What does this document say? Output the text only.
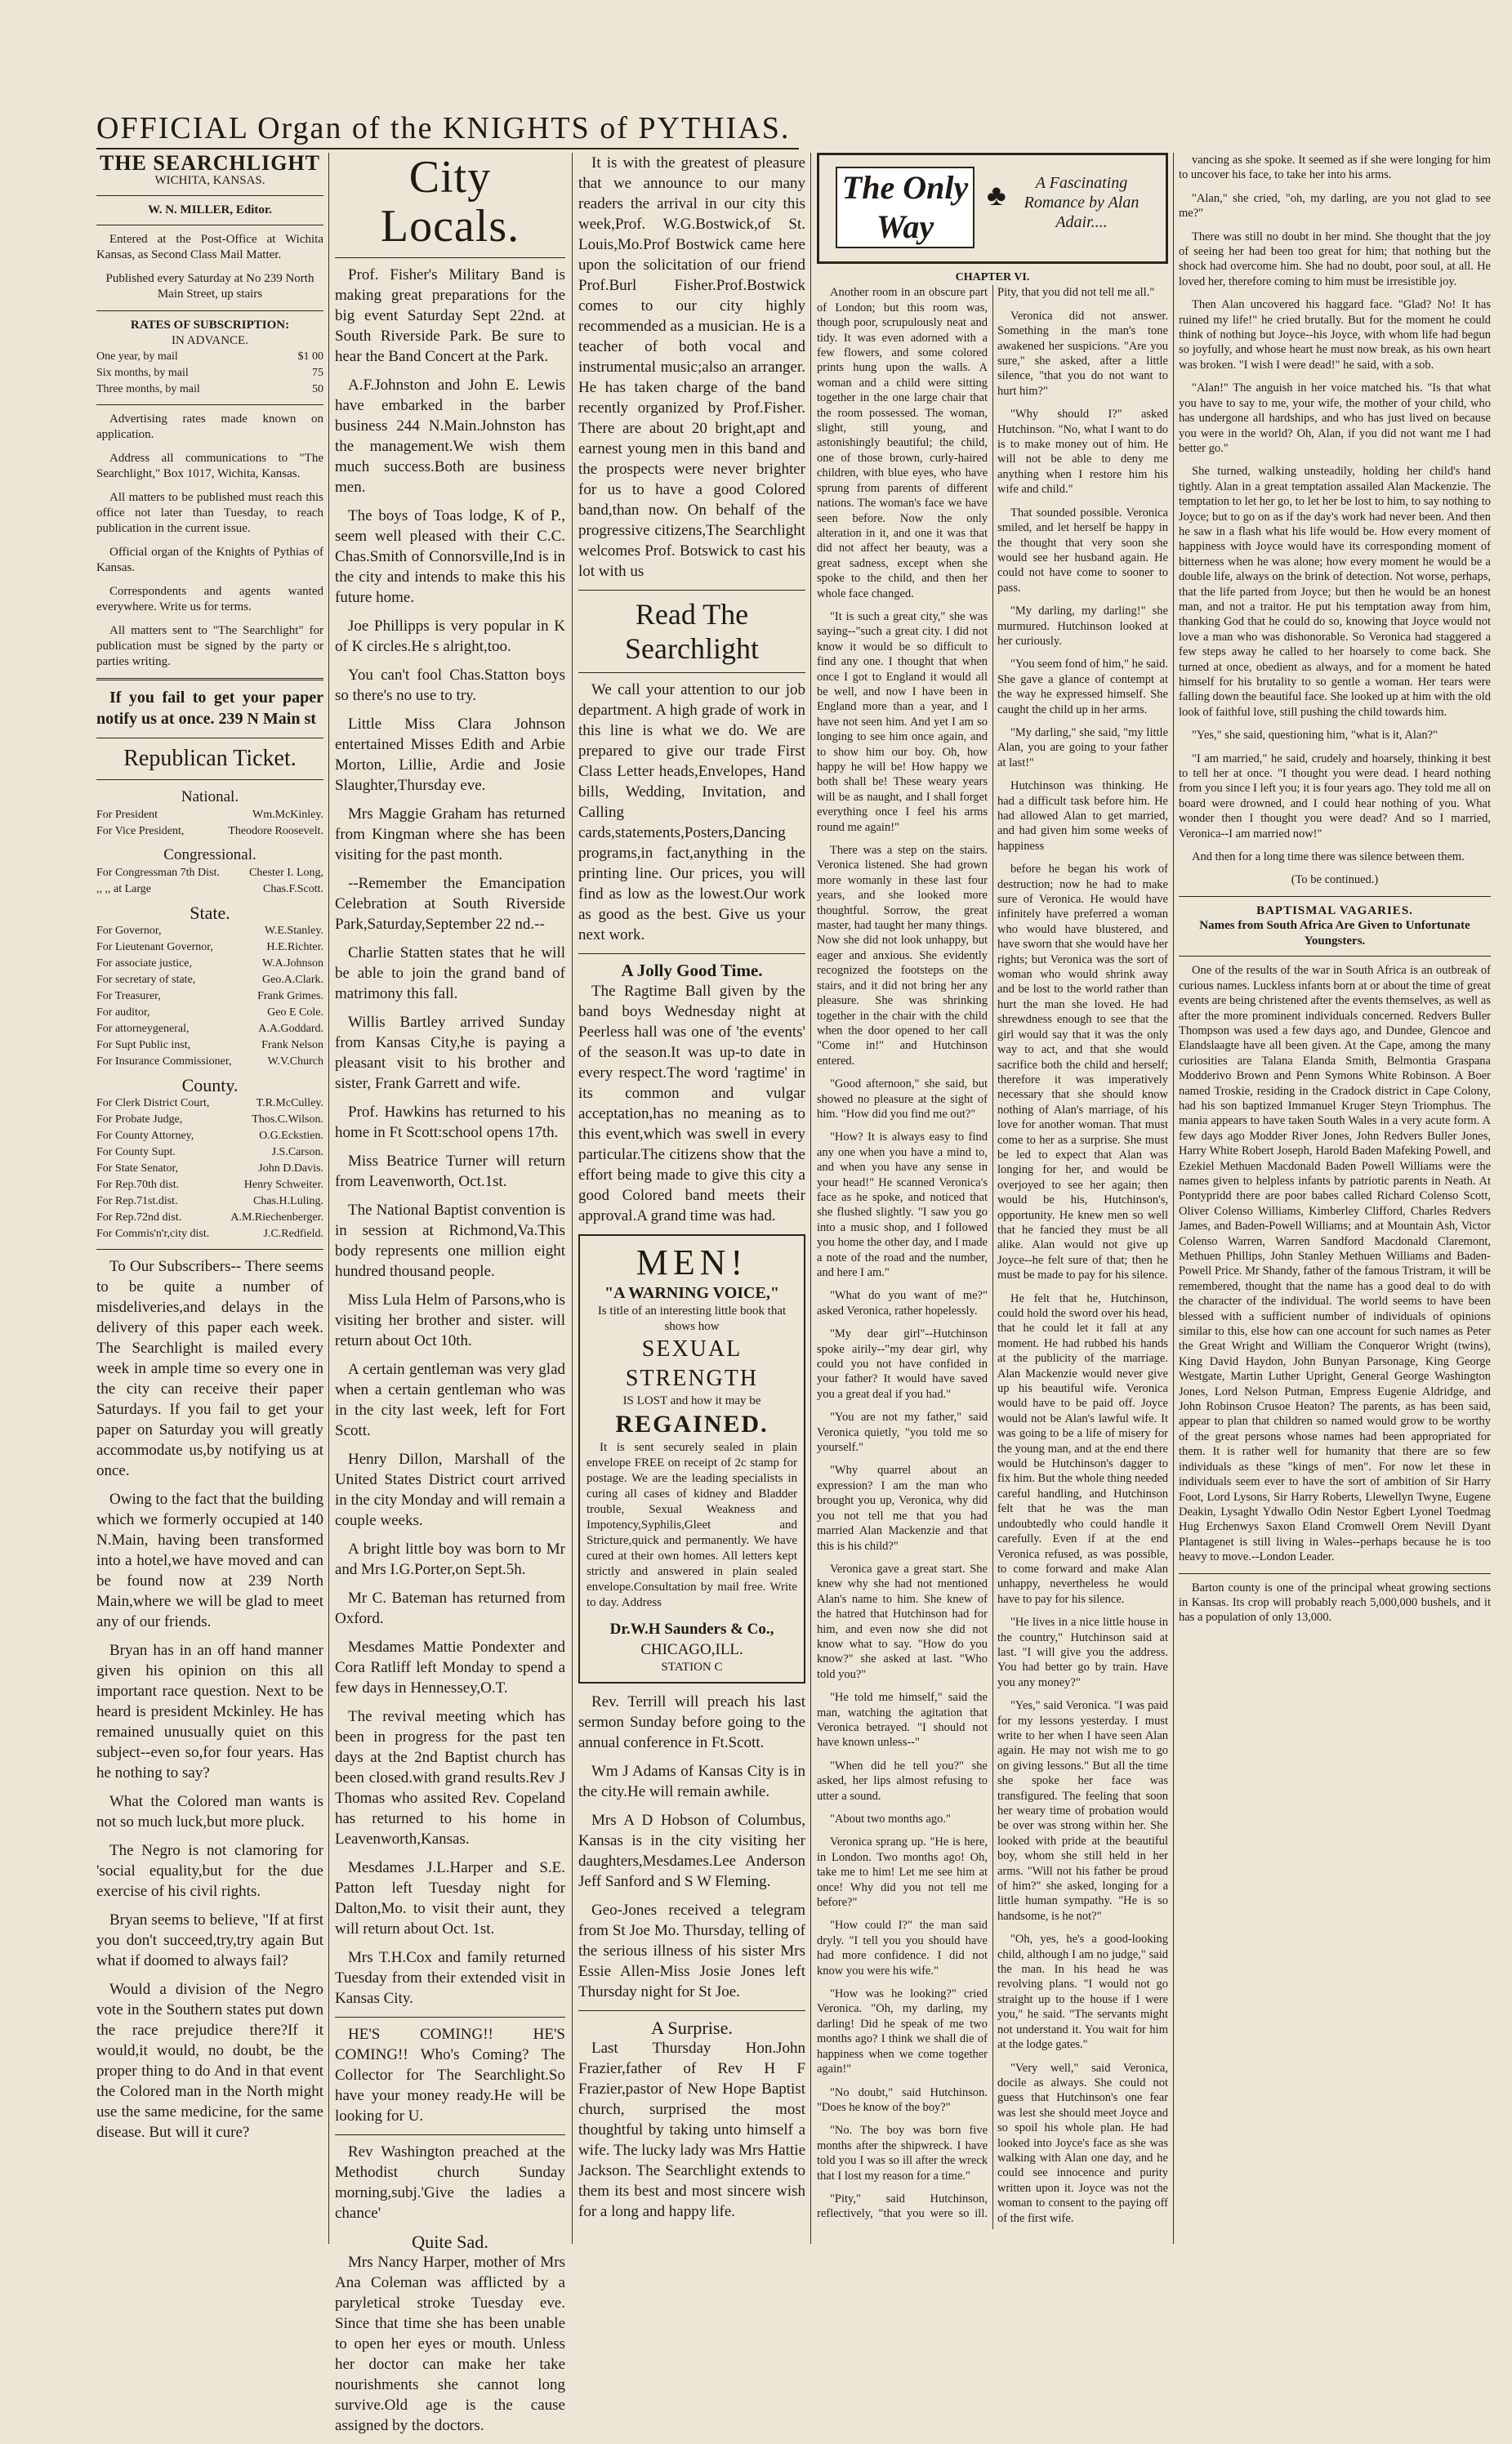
OFFICIAL Organ of the KNIGHTS of PYTHIAS.
THE SEARCHLIGHT
WICHITA, KANSAS.
W. N. MILLER, Editor.

Entered at the Post-Office at Wichita Kansas, as Second Class Mail Matter.

Published every Saturday at No 239 North Main Street, up stairs

RATES OF SUBSCRIPTION:
IN ADVANCE.
One year, by mail	$1 00
Six months, by mail	75
Three months, by mail	50

Advertising rates made known on application.

Address all communications to "The Searchlight," Box 1017, Wichita, Kansas.

All matters to be published must reach this office not later than Tuesday, to reach publication in the current issue.

Official organ of the Knights of Pythias of Kansas.

Correspondents and agents wanted everywhere. Write us for terms.

All matters sent to "The Searchlight" for publication must be signed by the party or parties writing.

If you fail to get your paper notify us at once. 239 N Main st

Republican Ticket.
National.
For President	Wm.McKinley.
For Vice President,	Theodore Roosevelt.
Congressional.
For Congressman 7th Dist.	Chester I. Long,
,, ,, at Large	Chas.F.Scott.
State.
For Governor,	W.E.Stanley.
For Lieutenant Governor,	H.E.Richter.
For associate justice,	W.A.Johnson
For secretary of state,	Geo.A.Clark.
For Treasurer,	Frank Grimes.
For auditor,	Geo E Cole.
For attorneygeneral,	A.A.Goddard.
For Supt Public inst,	Frank Nelson
For Insurance Commissioner,	W.V.Church
County.
For Clerk District Court,	T.R.McCulley.
For Probate Judge,	Thos.C.Wilson.
For County Attorney,	O.G.Eckstien.
For County Supt.	J.S.Carson.
For State Senator,	John D.Davis.
For Rep.70th dist.	Henry Schweiter.
For Rep.71st.dist.	Chas.H.Luling.
For Rep.72nd dist.	A.M.Riechenberger.
For Commis'n'r,city dist.	J.C.Redfield.

To Our Subscribers-- There seems to be quite a number of misdeliveries,and delays in the delivery of this paper each week. The Searchlight is mailed every week in ample time so every one in the city can receive their paper Saturdays. If you fail to get your paper on Saturday you will greatly accommodate us,by notifying us at once.

Owing to the fact that the building which we formerly occupied at 140 N.Main, having been transformed into a hotel,we have moved and can be found now at 239 North Main,where we will be glad to meet any of our friends.

Bryan has in an off hand manner given his opinion on this all important race question. Next to be heard is president Mckinley. He has remained unusually quiet on this subject--even so,for four years. Has he nothing to say?

What the Colored man wants is not so much luck,but more pluck.

The Negro is not clamoring for 'social equality,but for the due exercise of his civil rights.

Bryan seems to believe, "If at first you don't succeed,try,try again But what if doomed to always fail?

Would a division of the Negro vote in the Southern states put down the race prejudice there?If it would,it would, no doubt, be the proper thing to do And in that event the Colored man in the North might use the same medicine, for the same disease. But will it cure?

City Locals.

Prof. Fisher's Military Band is making great preparations for the big event Saturday Sept 22nd. at South Riverside Park. Be sure to hear the Band Concert at the Park.

A.F.Johnston and John E. Lewis have embarked in the barber business 244 N.Main.Johnston has the management.We wish them much success.Both are business men.

The boys of Toas lodge, K of P., seem well pleased with their C.C. Chas.Smith of Connorsville,Ind is in the city and intends to make this his future home.

Joe Phillipps is very popular in K of K circles.He s alright,too.

You can't fool Chas.Statton boys so there's no use to try.

Little Miss Clara Johnson entertained Misses Edith and Arbie Morton, Lillie, Ardie and Josie Slaughter,Thursday eve.

Mrs Maggie Graham has returned from Kingman where she has been visiting for the past month.

--Remember the Emancipation Celebration at South Riverside Park,Saturday,September 22 nd.--

Charlie Statten states that he will be able to join the grand band of matrimony this fall.

Willis Bartley arrived Sunday from Kansas City,he is paying a pleasant visit to his brother and sister, Frank Garrett and wife.

Prof. Hawkins has returned to his home in Ft Scott:school opens 17th.

Miss Beatrice Turner will return from Leavenworth, Oct.1st.

The National Baptist convention is in session at Richmond,Va.This body represents one million eight hundred thousand people.

Miss Lula Helm of Parsons,who is visiting her brother and sister. will return about Oct 10th.

A certain gentleman was very glad when a certain gentleman who was in the city last week, left for Fort Scott.

Henry Dillon, Marshall of the United States District court arrived in the city Monday and will remain a couple weeks.

A bright little boy was born to Mr and Mrs I.G.Porter,on Sept.5h.

Mr C. Bateman has returned from Oxford.

Mesdames Mattie Pondexter and Cora Ratliff left Monday to spend a few days in Hennessey,O.T.

The revival meeting which has been in progress for the past ten days at the 2nd Baptist church has been closed.with grand results.Rev J Thomas who assited Rev. Copeland has returned to his home in Leavenworth,Kansas.

Mesdames J.L.Harper and S.E. Patton left Tuesday night for Dalton,Mo. to visit their aunt, they will return about Oct. 1st.

Mrs T.H.Cox and family returned Tuesday from their extended visit in Kansas City.

HE'S COMING!! HE'S COMING!! Who's Coming? The Collector for The Searchlight.So have your money ready.He will be looking for U.

Rev Washington preached at the Methodist church Sunday morning,subj.'Give the ladies a chance'

Quite Sad.

Mrs Nancy Harper, mother of Mrs Ana Coleman was afflicted by a paryletical stroke Tuesday eve. Since that time she has been unable to open her eyes or mouth. Unless her doctor can make her take nourishments she cannot long survive.Old age is the cause assigned by the doctors.

It is with the greatest of pleasure that we announce to our many readers the arrival in our city this week,Prof. W.G.Bostwick,of St. Louis,Mo.Prof Bostwick came here upon the solicitation of our friend Prof.Burl Fisher.Prof.Bostwick comes to our city highly recommended as a musician. He is a teacher of both vocal and instrumental music;also an arranger. He has taken charge of the band recently organized by Prof.Fisher. There are about 20 bright,apt and earnest young men in this band and the prospects were never brighter for us to have a good Colored band,than now. On behalf of the progressive citizens,The Searchlight welcomes Prof. Botswick to cast his lot with us

Read The Searchlight

We call your attention to our job department. A high grade of work in this line is what we do. We are prepared to give our trade First Class Letter heads,Envelopes, Hand bills, Wedding, Invitation, and Calling cards,statements,Posters,Dancing programs,in fact,anything in the printing line. Our prices, you will find as low as the lowest.Our work as good as the best. Give us your next work.

A Jolly Good Time.

The Ragtime Ball given by the band boys Wednesday night at Peerless hall was one of 'the events' of the season.It was up-to date in every respect.The word 'ragtime' in its common and vulgar acceptation,has no meaning as to this event,which was swell in every particular.The citizens show that the effort being made to give this city a good Colored band meets their approval.A grand time was had.

MEN!
"A WARNING VOICE,"
Is title of an interesting little book that shows how
SEXUAL STRENGTH
IS LOST and how it may be
REGAINED.

It is sent securely sealed in plain envelope FREE on receipt of 2c stamp for postage. We are the leading specialists in curing all cases of kidney and Bladder trouble, Sexual Weakness and Impotency,Syphilis,Gleet and Stricture,quick and permanently. We have cured at their own homes. All letters kept strictly and answered in plain sealed envelope.Consultation by mail free. Write to day. Address

Dr.W.H Saunders & Co.,
CHICAGO,ILL.
STATION C

Rev. Terrill will preach his last sermon Sunday before going to the annual conference in Ft.Scott.

Wm J Adams of Kansas City is in the city.He will remain awhile.

Mrs A D Hobson of Columbus, Kansas is in the city visiting her daughters,Mesdames.Lee Anderson Jeff Sanford and S W Fleming.

Geo-Jones received a telegram from St Joe Mo. Thursday, telling of the serious illness of his sister Mrs Essie Allen-Miss Josie Jones left Thursday night for St Joe.

A Surprise.

Last Thursday Hon.John Frazier,father of Rev H F Frazier,pastor of New Hope Baptist church, surprised the most thoughtful by taking unto himself a wife. The lucky lady was Mrs Hattie Jackson. The Searchlight extends to them its best and most sincere wish for a long and happy life.

The Only Way
♣	A Fascinating Romance by Alan Adair....
CHAPTER VI.

Another room in an obscure part of London; but this room was, though poor, scrupulously neat and tidy. It was even adorned with a few flowers, and some colored prints hung upon the walls. A woman and a child were sitting together in the one large chair that the room possessed. The woman, slight, still young, and astonishingly beautiful; the child, one of those brown, curly-haired children, with blue eyes, who have sprung from parents of different nations. The woman's face we have seen before. Now the only alteration in it, and one it was that did not affect her beauty, was a great sadness, except when she spoke to the child, and then her whole face changed.

"It is such a great city," she was saying--"such a great city. I did not know it would be so difficult to find any one. I thought that when once I got to England it would all be well, and now I have been in England more than a year, and I have not seen him. And yet I am so longing to see him once again, and to show him our boy. Oh, how happy he will be! How happy we both shall be! These weary years will be as naught, and I shall forget everything once I feel his arms round me again!"

There was a step on the stairs. Veronica listened. She had grown more womanly in these last four years, and she looked more thoughtful. Sorrow, the great master, had taught her many things. Now she did not look unhappy, but eager and anxious. She evidently recognized the footsteps on the stairs, and it did not bring her any pleasure. She was shrinking together in the chair with the child when the door opened to her call "Come in!" and Hutchinson entered.

"Good afternoon," she said, but showed no pleasure at the sight of him. "How did you find me out?"

"How? It is always easy to find any one when you have a mind to, and when you have any sense in your head!" He scanned Veronica's face as he spoke, and noticed that she flushed slightly. "I saw you go into a music shop, and I followed you home the other day, and I made a note of the road and the number, and here I am."

"What do you want of me?" asked Veronica, rather hopelessly.

"My dear girl"--Hutchinson spoke airily--"my dear girl, why could you not have confided in your father? It would have saved you a great deal if you had."

"You are not my father," said Veronica quietly, "you told me so yourself."

"Why quarrel about an expression? I am the man who brought you up, Veronica, why did you not tell me that you had married Alan Mackenzie and that this is his child?"

Veronica gave a great start. She knew why she had not mentioned Alan's name to him. She knew of the hatred that Hutchinson had for him, and even now she did not know what to say. "How do you know?" she asked at last. "Who told you?"

"He told me himself," said the man, watching the agitation that Veronica betrayed. "I should not have known unless--"

"When did he tell you?" she asked, her lips almost refusing to utter a sound.

"About two months ago."

Veronica sprang up. "He is here, in London. Two months ago! Oh, take me to him! Let me see him at once! Why did you not tell me before?"

"How could I?" the man said dryly. "I tell you you should have had more confidence. I did not know you were his wife."

"How was he looking?" cried Veronica. "Oh, my darling, my darling! Did he speak of me two months ago? I think we shall die of happiness when we come together again!"

"No doubt," said Hutchinson. "Does he know of the boy?"

"No. The boy was born five months after the shipwreck. I have told you I was so ill after the wreck that I lost my reason for a time."

"Pity," said Hutchinson, reflectively, "that you were so ill. Pity, that you did not tell me all."

Veronica did not answer. Something in the man's tone awakened her suspicions. "Are you sure," she asked, after a little silence, "that you do not want to hurt him?"

"Why should I?" asked Hutchinson. "No, what I want to do is to make money out of him. He will not be able to deny me anything when I restore him his wife and child."

That sounded possible. Veronica smiled, and let herself be happy in the thought that very soon she would see her husband again. He could not have come to sooner to pass.

"My darling, my darling!" she murmured. Hutchinson looked at her curiously.

"You seem fond of him," he said. She gave a glance of contempt at the way he expressed himself. She caught the child up in her arms.

"My darling," she said, "my little Alan, you are going to your father at last!"

Hutchinson was thinking. He had a difficult task before him. He had allowed Alan to get married, and had given him some weeks of happiness

before he began his work of destruction; now he had to make sure of Veronica. He would have infinitely have preferred a woman who would have blustered, and have sworn that she would have her rights; but Veronica was the sort of woman who would shrink away and be lost to the world rather than hurt the man she loved. He had shrewdness enough to see that the girl would say that it was the only way to act, and that she would sacrifice both the child and herself; therefore it was imperatively necessary that she should know nothing of Alan's marriage, of his love for another woman. That must come to her as a surprise. She must be led to expect that Alan was longing for her, and would be overjoyed to see her again; then would be his, Hutchinson's, opportunity. He knew men so well that he fancied they must be all alike. Alan would not give up Joyce--he felt sure of that; then he must be made to pay for his silence.

He felt that he, Hutchinson, could hold the sword over his head, that he could let it fall at any moment. He had rubbed his hands at the publicity of the marriage. Alan Mackenzie would never give up his beautiful wife. Veronica would have to be paid off. Joyce would not be Alan's lawful wife. It was going to be a life of misery for the young man, and at the end there would be Hutchinson's dagger to fix him. But the whole thing needed careful handling, and Hutchinson felt that he was the man undoubtedly who could handle it carefully. Even if at the end Veronica refused, as was possible, to come forward and make Alan unhappy, nevertheless he would have to pay for his silence.

"He lives in a nice little house in the country," Hutchinson said at last. "I will give you the address. You had better go by train. Have you any money?"

"Yes," said Veronica. "I was paid for my lessons yesterday. I must write to her when I have seen Alan again. He may not wish me to go on giving lessons." But all the time she spoke her face was transfigured. The feeling that soon her weary time of probation would be over was strong within her. She looked with pride at the beautiful boy, whom she still held in her arms. "Will not his father be proud of him?" she asked, longing for a little human sympathy. "He is so handsome, is he not?"

"Oh, yes, he's a good-looking child, although I am no judge," said the man. In his head he was revolving plans. "I would not go straight up to the house if I were you," he said. "The servants might not understand it. You wait for him at the lodge gates."

"Very well," said Veronica, docile as always. She could not guess that Hutchinson's one fear was lest she should meet Joyce and so spoil his whole plan. He had looked into Joyce's face as she was walking with Alan one day, and he could see innocence and purity written upon it. Joyce was not the woman to consent to the paying off of the first wife.

vancing as she spoke. It seemed as if she were longing for him to uncover his face, to take her into his arms.

"Alan," she cried, "oh, my darling, are you not glad to see me?"

There was still no doubt in her mind. She thought that the joy of seeing her had been too great for him; that nothing but the shock had overcome him. She had no doubt, poor soul, at all. He loved her, therefore coming to him must be irresistible joy.

Then Alan uncovered his haggard face. "Glad? No! It has ruined my life!" he cried brutally. But for the moment he could think of nothing but Joyce--his Joyce, with whom life had begun so joyfully, and whose heart he must now break, as his own heart was broken. "I wish I were dead!" he said, with a sob.

"Alan!" The anguish in her voice matched his. "Is that what you have to say to me, your wife, the mother of your child, who has undergone all hardships, and who has just lived on because you were in the world? Oh, Alan, if you did not want me I had better go."

She turned, walking unsteadily, holding her child's hand tightly. Alan in a great temptation assailed Alan Mackenzie. The temptation to let her go, to let her be lost to him, to say nothing to Joyce; but to go on as if the day's work had never been. And then he saw in a flash what his life would be. How every moment of happiness with Joyce would have its corresponding moment of bitterness when he was alone; how every moment he would be a double life, always on the brink of detection. Not worse, perhaps, that the life parted from Joyce; but then he would be an honest man, and not a traitor. He put his temptation away from him, thanking God that he could do so, knowing that Joyce would not love a man who was dishonorable. So Veronica had staggered a few steps away he called to her hoarsely to come back. She turned at once, obedient as always, and for a moment he hated himself for his brutality to so gentle a woman. Her tears were falling down the beautiful face. She looked up at him with the old look of faithful love, still pushing the child towards him.

"Yes," she said, questioning him, "what is it, Alan?"

"I am married," he said, crudely and hoarsely, thinking it best to tell her at once. "I thought you were dead. I heard nothing from you since I left you; it is four years ago. They told me all on board were drowned, and I could hear nothing of you. What wonder then I thought you were dead? And so I married, Veronica--I am married now!"

And then for a long time there was silence between them.

(To be continued.)

BAPTISMAL VAGARIES.
Names from South Africa Are Given to Unfortunate Youngsters.

One of the results of the war in South Africa is an outbreak of curious names. Luckless infants born at or about the time of great events are being christened after the events themselves, as well as after the more prominent individuals concerned. Redvers Buller Thompson was used a few days ago, and Dundee, Glencoe and Elandslaagte have all been given. At the Cape, among the many curiosities are Talana Elanda Smith, Belmontia Graspana Modderivo Brown and Penn Symons White Robinson. A Boer named Troskie, residing in the Cradock district in Cape Colony, had his son baptized Immanuel Kruger Steyn Triomphus. The mania appears to have taken South Wales in a very acute form. A few days ago Modder River Jones, John Redvers Buller Jones, Harry White Robert Joseph, Harold Baden Mafeking Powell, and Ezekiel Methuen Macdonald Baden Powell Williams were the names given to helpless infants by patriotic parents in Neath. At Pontypridd there are poor babes called Richard Colenso Scott, Oliver Colenso Williams, Kimberley Clifford, Charles Redvers James, and Baden-Powell Williams; and at Mountain Ash, Victor Colenso Warren, Warren Sandford Macdonald Claremont, Methuen Phillips, John Stanley Methuen Williams and Baden-Powell Price. Mr Shandy, father of the famous Tristram, it will be remembered, thought that the name has a good deal to do with the character of the individual. The world seems to have been blessed with a sufficient number of individuals of opinions similar to this, else how can one account for such names as Peter the Great Wright and William the Conqueror Wright (twins), King David Haydon, John Bunyan Parsonage, King George Westgate, Martin Luther Upright, General George Washington Jones, Lord Nelson Putman, Empress Eugenie Aldridge, and John Robinson Crusoe Heaton? The parents, as has been said, appear to plan that children so named would grow to be worthy of the great persons whose names had been appropriated for them. It is rather well for humanity that there are so few individuals as these "kings of men". For now let these in individuals seem ever to have the sort of ambition of Sir Harry Foot, Lord Lysons, Sir Harry Roberts, Llewellyn Twyne, Eugene Deakin, Lysaght Ydwallo Odin Nestor Egbert Lyonel Toedmag Hug Erchenwys Saxon Eland Cromwell Orem Nevill Dyant Plantagenet is still living in Wales--perhaps because he is too heavy to move.--London Leader.

Barton county is one of the principal wheat growing sections in Kansas. Its crop will probably reach 5,000,000 bushels, and it has a population of only 13,000.
